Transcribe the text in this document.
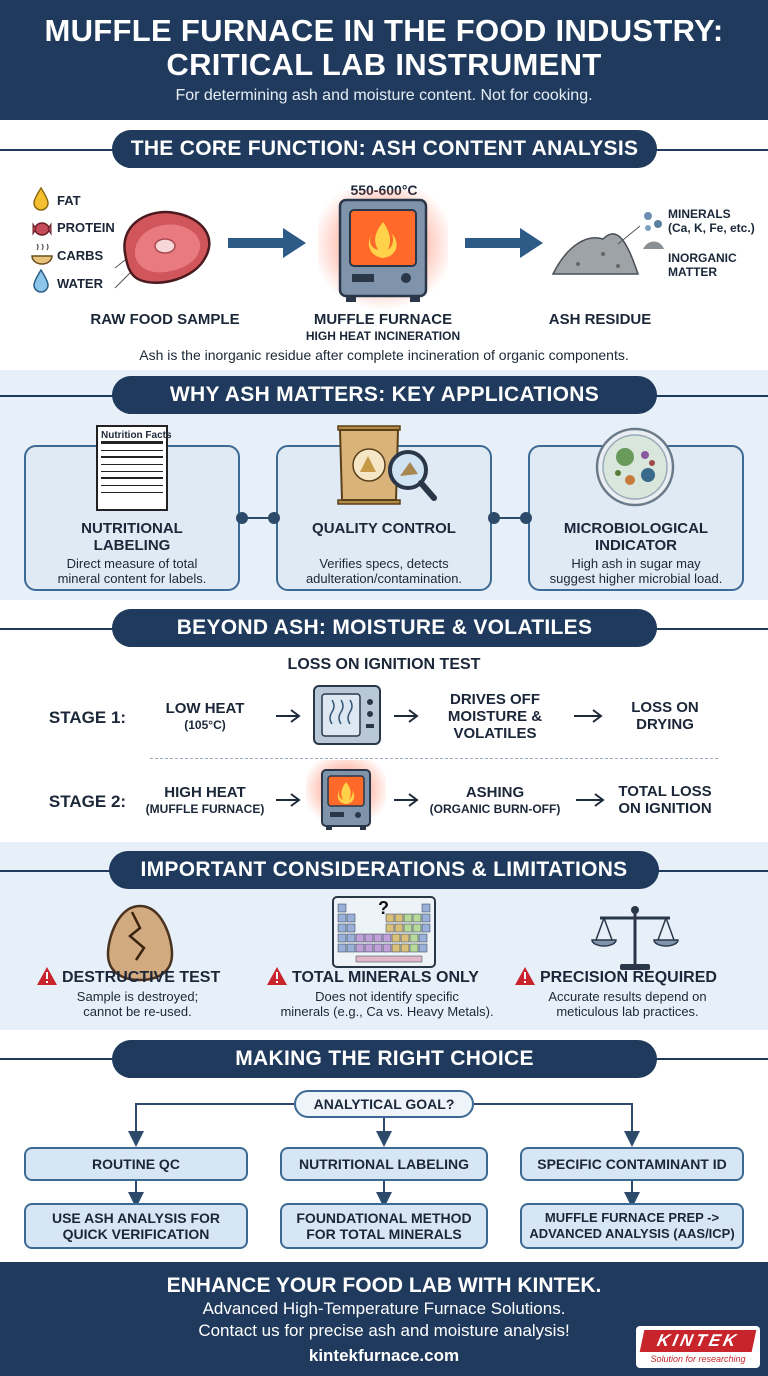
MUFFLE FURNACE IN THE FOOD INDUSTRY:
CRITICAL LAB INSTRUMENT

For determining ash and moisture content. Not for cooking.

THE CORE FUNCTION: ASH CONTENT ANALYSIS
FAT
PROTEIN
CARBS
WATER
MINERALS
(Ca, K, Fe, etc.)
INORGANIC
MATTER
RAW FOOD SAMPLE	MUFFLE FURNACE
HIGH HEAT INCINERATION
ASH RESIDUE
Ash is the inorganic residue after complete incineration of organic components.
WHY ASH MATTERS: KEY APPLICATIONS
Nutrition Facts
NUTRITIONAL
LABELING
Direct measure of total
mineral content for labels.
QUALITY CONTROL
Verifies specs, detects
adulteration/contamination.
MICROBIOLOGICAL
INDICATOR
High ash in sugar may
suggest higher microbial load.
BEYOND ASH: MOISTURE & VOLATILES
LOSS ON IGNITION TEST
STAGE 1:	LOW HEAT
(105°C)
DRIVES OFF
MOISTURE &
VOLATILES
LOSS ON
DRYING
STAGE 2:	HIGH HEAT
(MUFFLE FURNACE)
ASHING
(ORGANIC BURN-OFF)
TOTAL LOSS
ON IGNITION
IMPORTANT CONSIDERATIONS & LIMITATIONS
?
DESTRUCTIVE TEST
Sample is destroyed;
cannot be re-used.
TOTAL MINERALS ONLY
Does not identify specific
minerals (e.g., Ca vs. Heavy Metals).
PRECISION REQUIRED
Accurate results depend on
meticulous lab practices.
MAKING THE RIGHT CHOICE
ANALYTICAL GOAL?
ROUTINE QC	NUTRITIONAL LABELING	SPECIFIC CONTAMINANT ID
USE ASH ANALYSIS FOR
QUICK VERIFICATION
FOUNDATIONAL METHOD
FOR TOTAL MINERALS
MUFFLE FURNACE PREP ->
ADVANCED ANALYSIS (AAS/ICP)
ENHANCE YOUR FOOD LAB WITH KINTEK.

Advanced High-Temperature Furnace Solutions.

Contact us for precise ash and moisture analysis!

kintekfurnace.com
KINTEK
Solution for researching
